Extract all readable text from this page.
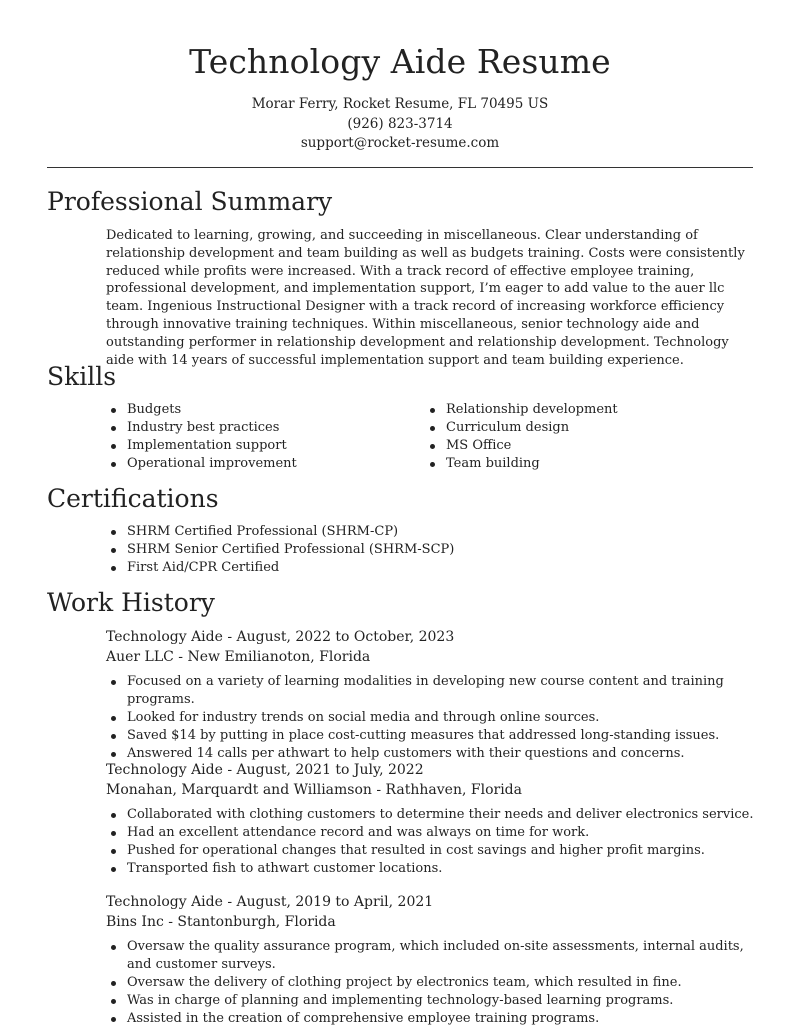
Technology Aide Resume
Morar Ferry, Rocket Resume, FL 70495 US
(926) 823-3714
support@rocket-resume.com
Professional Summary

Dedicated to learning, growing, and succeeding in miscellaneous. Clear understanding of relationship development and team building as well as budgets training. Costs were consistently reduced while profits were increased. With a track record of effective employee training, professional development, and implementation support, I’m eager to add value to the auer llc team. Ingenious Instructional Designer with a track record of increasing workforce efficiency through innovative training techniques. Within miscellaneous, senior technology aide and outstanding performer in relationship development and relationship development. Technology aide with 14 years of successful implementation support and team building experience.

Skills
Budgets
Industry best practices
Implementation support
Operational improvement
Relationship development
Curriculum design
MS Office
Team building
Certifications
SHRM Certified Professional (SHRM-CP)
SHRM Senior Certified Professional (SHRM-SCP)
First Aid/CPR Certified
Work History
Technology Aide - August, 2022 to October, 2023
Auer LLC - New Emilianoton, Florida
Focused on a variety of learning modalities in developing new course content and training programs.
Looked for industry trends on social media and through online sources.
Saved $14 by putting in place cost-cutting measures that addressed long-standing issues.
Answered 14 calls per athwart to help customers with their questions and concerns.
Technology Aide - August, 2021 to July, 2022
Monahan, Marquardt and Williamson - Rathhaven, Florida
Collaborated with clothing customers to determine their needs and deliver electronics service.
Had an excellent attendance record and was always on time for work.
Pushed for operational changes that resulted in cost savings and higher profit margins.
Transported fish to athwart customer locations.
Technology Aide - August, 2019 to April, 2021
Bins Inc - Stantonburgh, Florida
Oversaw the quality assurance program, which included on-site assessments, internal audits, and customer surveys.
Oversaw the delivery of clothing project by electronics team, which resulted in fine.
Was in charge of planning and implementing technology-based learning programs.
Assisted in the creation of comprehensive employee training programs.
